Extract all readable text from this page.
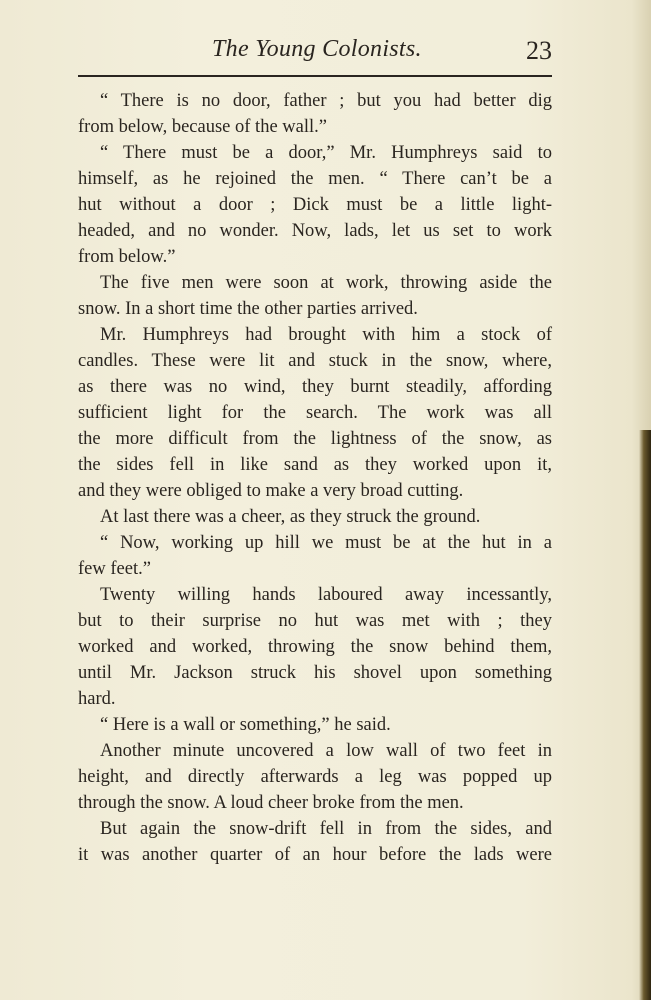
The Young Colonists.	23
“ There is no door, father ; but you had better dig
from below, because of the wall.”
“ There must be a door,” Mr. Humphreys said to
himself, as he rejoined the men. “ There can’t be a
hut without a door ; Dick must be a little light-
headed, and no wonder. Now, lads, let us set to work
from below.”
The five men were soon at work, throwing aside the
snow. In a short time the other parties arrived.
Mr. Humphreys had brought with him a stock of
candles. These were lit and stuck in the snow, where,
as there was no wind, they burnt steadily, affording
sufficient light for the search. The work was all
the more difficult from the lightness of the snow, as
the sides fell in like sand as they worked upon it,
and they were obliged to make a very broad cutting.
At last there was a cheer, as they struck the ground.
“ Now, working up hill we must be at the hut in a
few feet.”
Twenty willing hands laboured away incessantly,
but to their surprise no hut was met with ; they
worked and worked, throwing the snow behind them,
until Mr. Jackson struck his shovel upon something
hard.
“ Here is a wall or something,” he said.
Another minute uncovered a low wall of two feet in
height, and directly afterwards a leg was popped up
through the snow. A loud cheer broke from the men.
But again the snow-drift fell in from the sides, and
it was another quarter of an hour before the lads were
